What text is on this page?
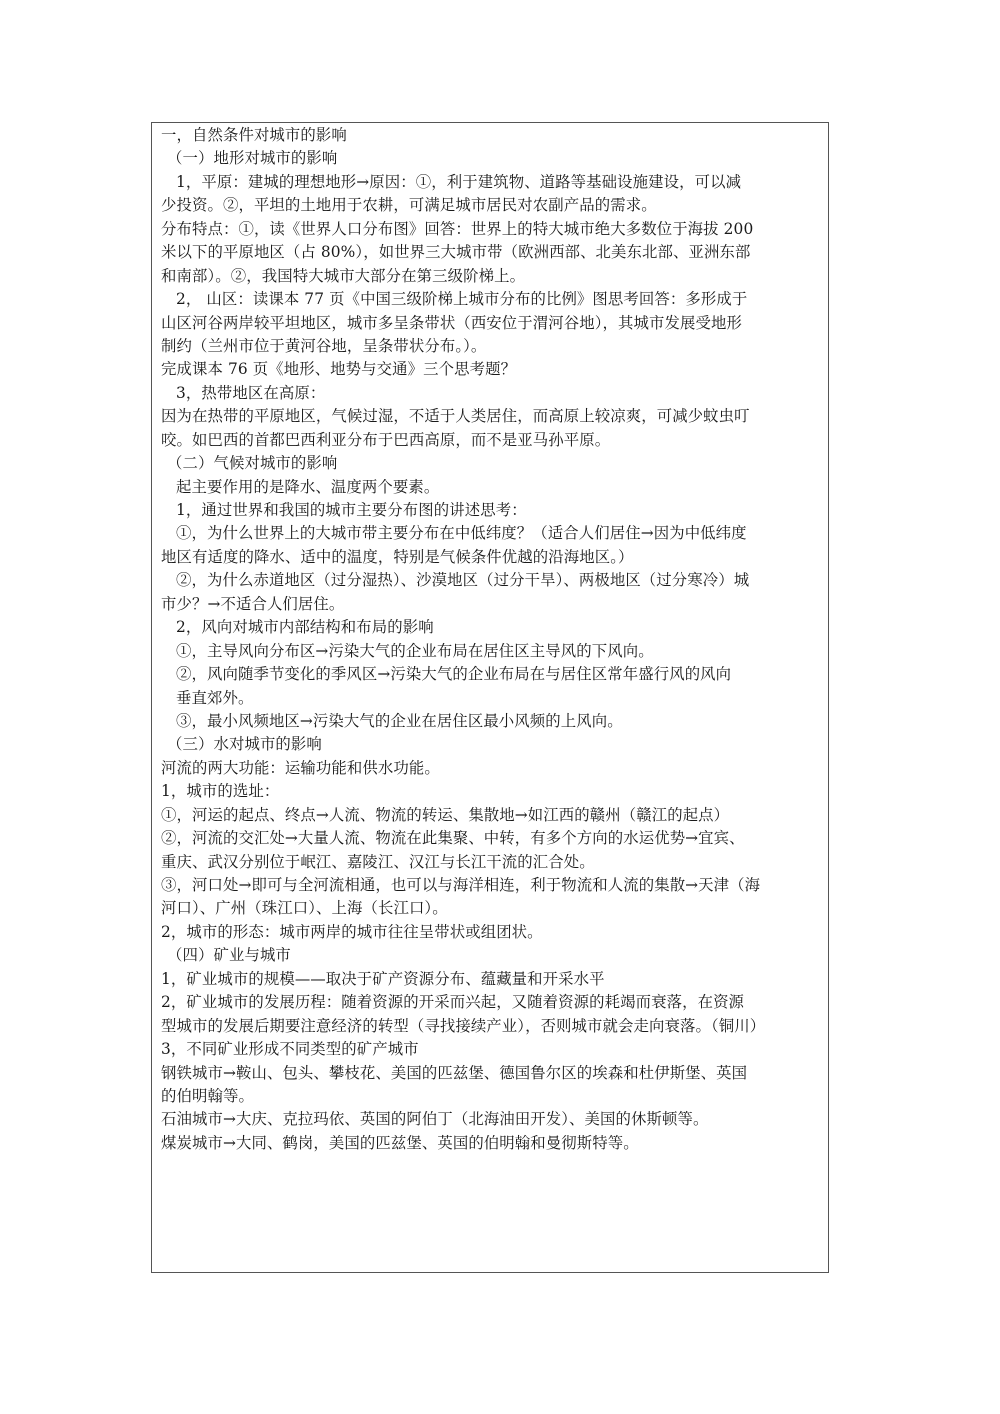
一，自然条件对城市的影响
（一）地形对城市的影响
1，平原：建城的理想地形→原因：①，利于建筑物、道路等基础设施建设，可以减
少投资。②，平坦的土地用于农耕，可满足城市居民对农副产品的需求。
分布特点：①，读《世界人口分布图》回答：世界上的特大城市绝大多数位于海拔 200
米以下的平原地区（占 80%），如世界三大城市带（欧洲西部、北美东北部、亚洲东部
和南部）。②，我国特大城市大部分在第三级阶梯上。
2， 山区：读课本 77 页《中国三级阶梯上城市分布的比例》图思考回答：多形成于
山区河谷两岸较平坦地区，城市多呈条带状（西安位于渭河谷地），其城市发展受地形
制约（兰州市位于黄河谷地，呈条带状分布。）。
完成课本 76 页《地形、地势与交通》三个思考题？
3，热带地区在高原：
因为在热带的平原地区，气候过湿，不适于人类居住，而高原上较凉爽，可减少蚊虫叮
咬。如巴西的首都巴西利亚分布于巴西高原，而不是亚马孙平原。
（二）气候对城市的影响
起主要作用的是降水、温度两个要素。
1，通过世界和我国的城市主要分布图的讲述思考：
①，为什么世界上的大城市带主要分布在中低纬度？（适合人们居住→因为中低纬度
地区有适度的降水、适中的温度，特别是气候条件优越的沿海地区。）
②，为什么赤道地区（过分湿热）、沙漠地区（过分干旱）、两极地区（过分寒冷）城
市少？→不适合人们居住。
2，风向对城市内部结构和布局的影响
①，主导风向分布区→污染大气的企业布局在居住区主导风的下风向。
②，风向随季节变化的季风区→污染大气的企业布局在与居住区常年盛行风的风向
垂直郊外。
③，最小风频地区→污染大气的企业在居住区最小风频的上风向。
（三）水对城市的影响
河流的两大功能：运输功能和供水功能。
1，城市的选址：
①，河运的起点、终点→人流、物流的转运、集散地→如江西的赣州（赣江的起点）
②，河流的交汇处→大量人流、物流在此集聚、中转，有多个方向的水运优势→宜宾、
重庆、武汉分别位于岷江、嘉陵江、汉江与长江干流的汇合处。
③，河口处→即可与全河流相通，也可以与海洋相连，利于物流和人流的集散→天津（海
河口）、广州（珠江口）、上海（长江口）。
2，城市的形态：城市两岸的城市往往呈带状或组团状。
（四）矿业与城市
1，矿业城市的规模——取决于矿产资源分布、蕴藏量和开采水平
2，矿业城市的发展历程：随着资源的开采而兴起，又随着资源的耗竭而衰落，在资源
型城市的发展后期要注意经济的转型（寻找接续产业），否则城市就会走向衰落。（铜川）
3，不同矿业形成不同类型的矿产城市
钢铁城市→鞍山、包头、攀枝花、美国的匹兹堡、德国鲁尔区的埃森和杜伊斯堡、英国
的伯明翰等。
石油城市→大庆、克拉玛依、英国的阿伯丁（北海油田开发）、美国的休斯顿等。
煤炭城市→大同、鹤岗，美国的匹兹堡、英国的伯明翰和曼彻斯特等。
